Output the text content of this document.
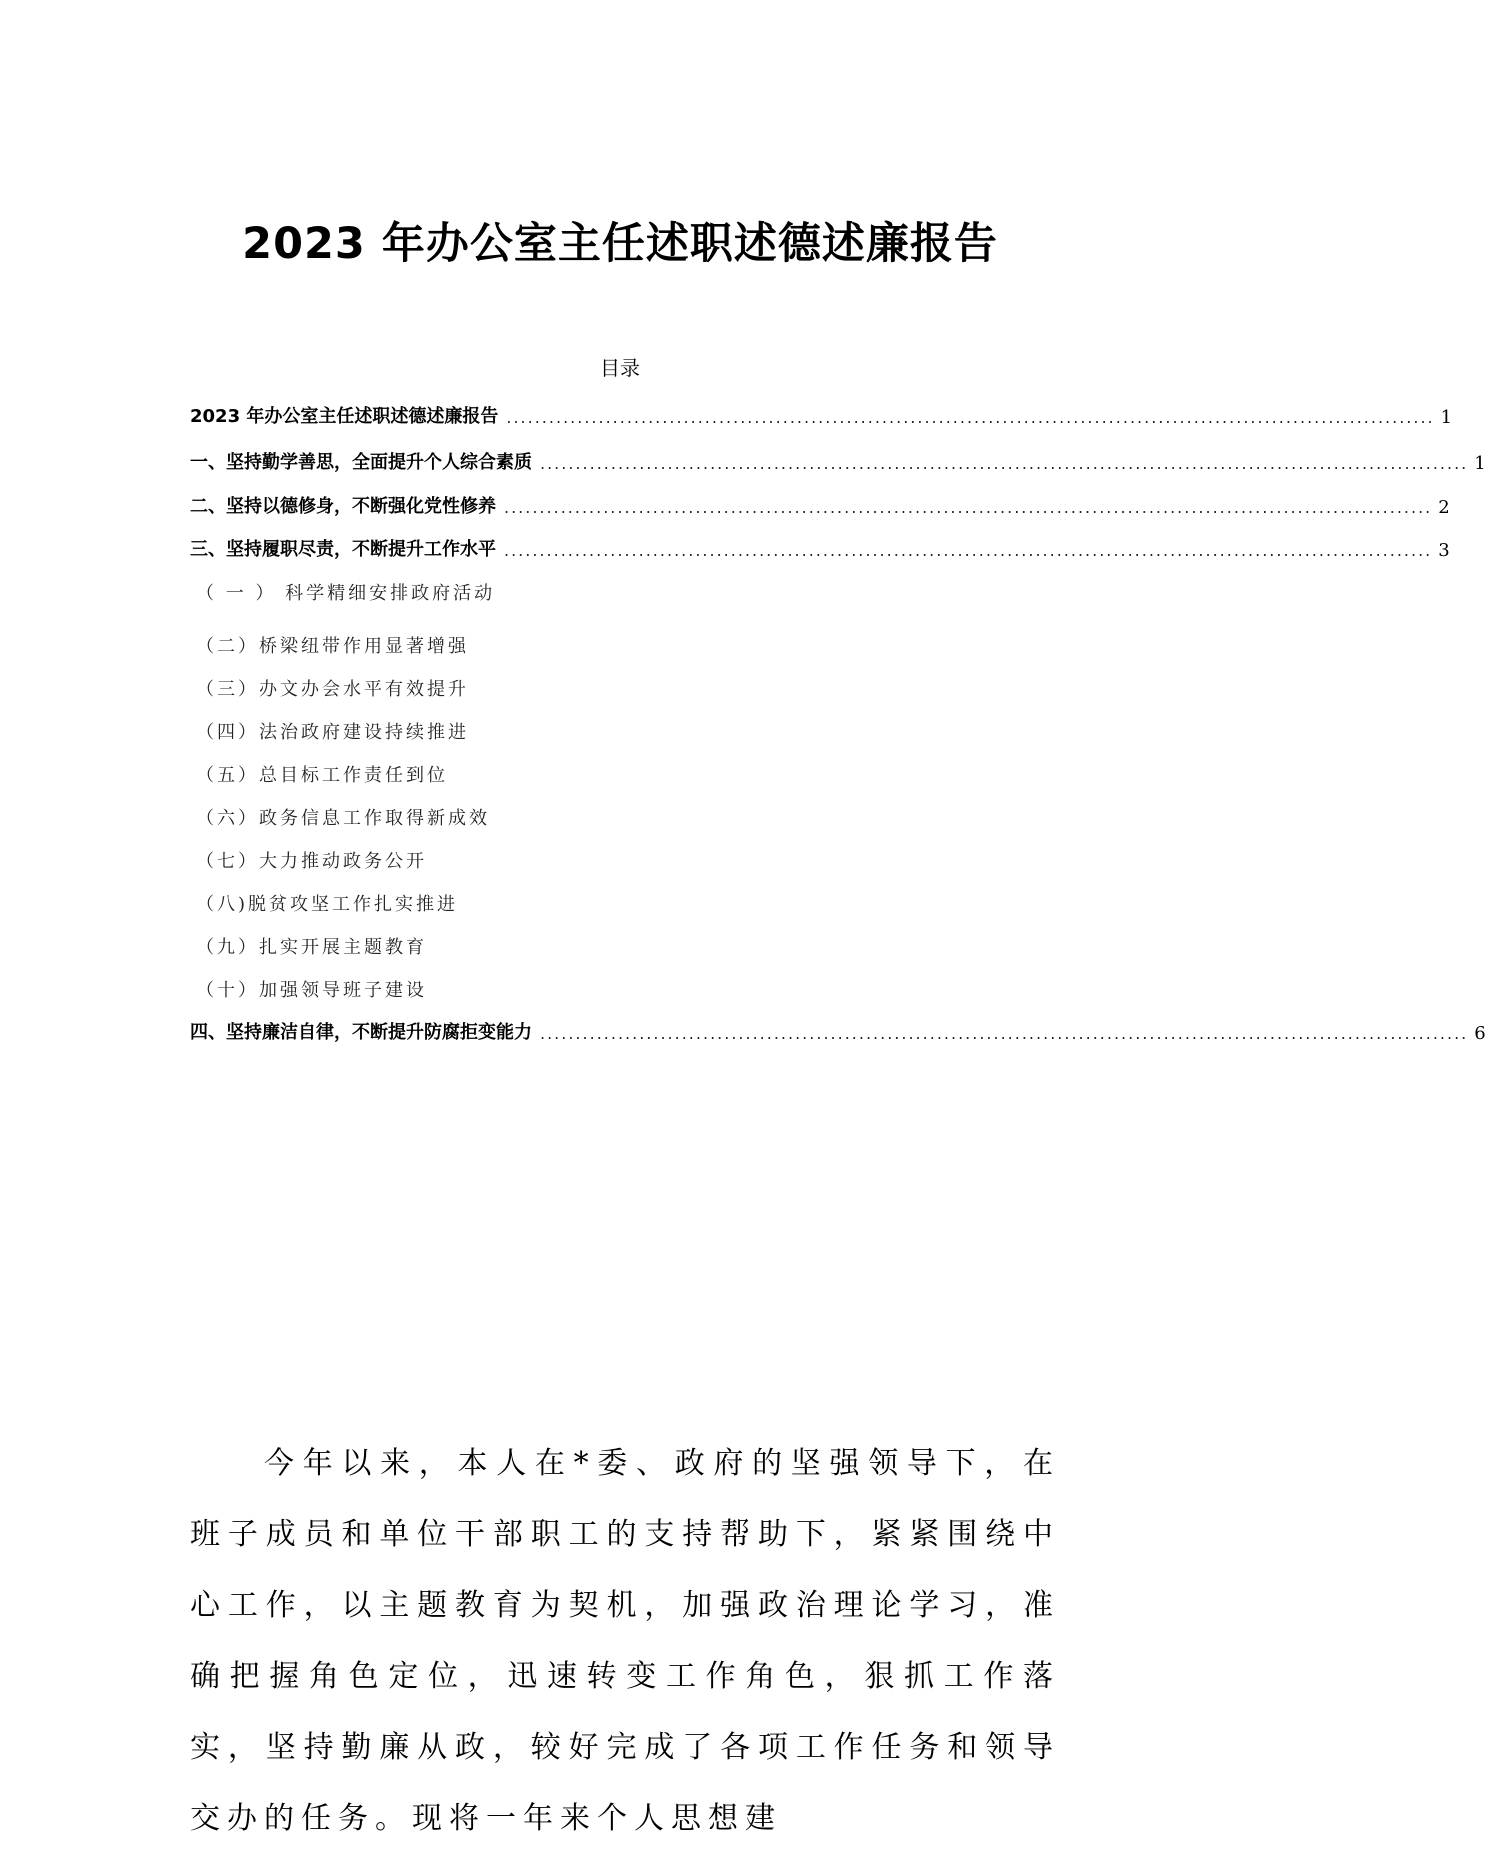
2023 年办公室主任述职述德述廉报告
目录
2023 年办公室主任述职述德述廉报告 ................................................................................................................................... 1
一、坚持勤学善思，全面提升个人综合素质 ................................................................................................................................... 1
二、坚持以德修身，不断强化党性修养 ................................................................................................................................... 2
三、坚持履职尽责，不断提升工作水平 ................................................................................................................................... 3
（ 一 ） 科学精细安排政府活动
（二）桥梁纽带作用显著增强
（三）办文办会水平有效提升
（四）法治政府建设持续推进
（五）总目标工作责任到位
（六）政务信息工作取得新成效
（七）大力推动政务公开
（八)脱贫攻坚工作扎实推进
（九）扎实开展主题教育
（十）加强领导班子建设
四、坚持廉洁自律，不断提升防腐拒变能力 ................................................................................................................................... 6
今年以来，本人在*委、政府的坚强领导下，在班子成员和单位干部职工的支持帮助下，紧紧围绕中心工作，以主题教育为契机，加强政治理论学习，准确把握角色定位，迅速转变工作角色，狠抓工作落实，坚持勤廉从政，较好完成了各项工作任务和领导交办的任务。现将一年来个人思想建
